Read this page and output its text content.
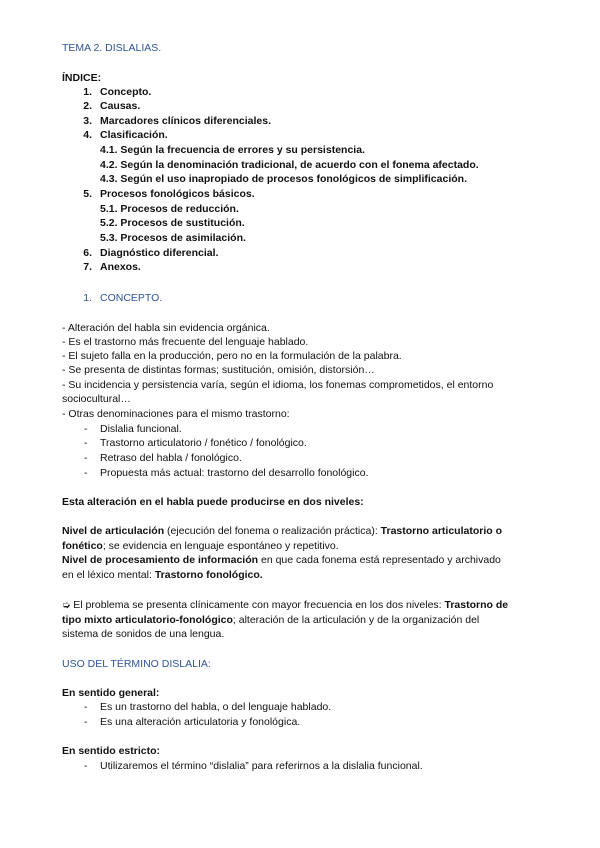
TEMA 2. DISLALIAS.
ÍNDICE:
1. Concepto.
2. Causas.
3. Marcadores clínicos diferenciales.
4. Clasificación.
4.1. Según la frecuencia de errores y su persistencia.
4.2. Según la denominación tradicional, de acuerdo con el fonema afectado.
4.3. Según el uso inapropiado de procesos fonológicos de simplificación.
5. Procesos fonológicos básicos.
5.1. Procesos de reducción.
5.2. Procesos de sustitución.
5.3. Procesos de asimilación.
6. Diagnóstico diferencial.
7. Anexos.
1. CONCEPTO.
- Alteración del habla sin evidencia orgánica.
- Es el trastorno más frecuente del lenguaje hablado.
- El sujeto falla en la producción, pero no en la formulación de la palabra.
- Se presenta de distintas formas; sustitución, omisión, distorsión…
- Su incidencia y persistencia varía, según el idioma, los fonemas comprometidos, el entorno
sociocultural…
- Otras denominaciones para el mismo trastorno:
- Dislalia funcional.
- Trastorno articulatorio / fonético / fonológico.
- Retraso del habla / fonológico.
- Propuesta más actual: trastorno del desarrollo fonológico.
Esta alteración en el habla puede producirse en dos niveles:
Nivel de articulación (ejecución del fonema o realización práctica): Trastorno articulatorio o
fonético; se evidencia en lenguaje espontáneo y repetitivo.
Nivel de procesamiento de información en que cada fonema está representado y archivado
en el léxico mental: Trastorno fonológico.
➭ El problema se presenta clínicamente con mayor frecuencia en los dos niveles: Trastorno de
tipo mixto articulatorio-fonológico; alteración de la articulación y de la organización del
sistema de sonidos de una lengua.
USO DEL TÉRMINO DISLALIA:
En sentido general:
- Es un trastorno del habla, o del lenguaje hablado.
- Es una alteración articulatoria y fonológica.
En sentido estricto:
- Utilizaremos el término “dislalia” para referirnos a la dislalia funcional.
